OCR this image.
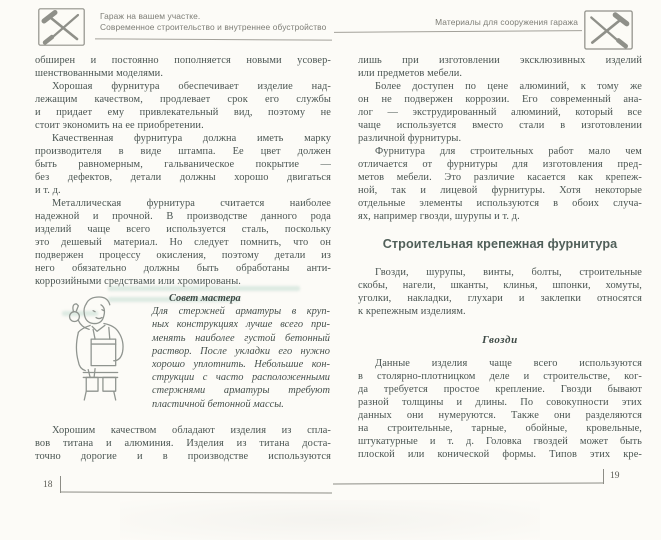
Гараж на вашем участке.
Современное строительство и внутреннее обустройство	Материалы для сооружения гаража
обширен и постоянно пополняется новыми усовер-
шенствованными моделями.
Хорошая фурнитура обеспечивает изделие над-
лежащим качеством, продлевает срок его службы
и придает ему привлекательный вид, поэтому не
стоит экономить на ее приобретении.
Качественная фурнитура должна иметь марку
производителя в виде штампа. Ее цвет должен
быть равномерным, гальваническое покрытие —
без дефектов, детали должны хорошо двигаться
и т. д.
Металлическая фурнитура считается наиболее
надежной и прочной. В производстве данного рода
изделий чаще всего используется сталь, поскольку
это дешевый материал. Но следует помнить, что он
подвержен процессу окисления, поэтому детали из
него обязательно должны быть обработаны анти-
коррозийными средствами или хромированы.
Совет мастера
Для стержней арматуры в круп-
ных конструкциях лучше всего при-
менять наиболее густой бетонный
раствор. После укладки его нужно
хорошо уплотнить. Небольшие кон-
струкции с часто расположенными
стержнями арматуры требуют
пластичной бетонной массы.
Хорошим качеством обладают изделия из спла-
вов титана и алюминия. Изделия из титана доста-
точно дорогие и в производстве используются
18
лишь при изготовлении эксклюзивных изделий
или предметов мебели.
Более доступен по цене алюминий, к тому же
он не подвержен коррозии. Его современный ана-
лог — экструдированный алюминий, который все
чаще используется вместо стали в изготовлении
различной фурнитуры.
Фурнитура для строительных работ мало чем
отличается от фурнитуры для изготовления пред-
метов мебели. Это различие касается как крепеж-
ной, так и лицевой фурнитуры. Хотя некоторые
отдельные элементы используются в обоих случа-
ях, например гвозди, шурупы и т. д.
Строительная крепежная фурнитура
Гвозди, шурупы, винты, болты, строительные
скобы, нагели, шканты, клинья, шпонки, хомуты,
уголки, накладки, глухари и заклепки относятся
к крепежным изделиям.
Гвозди
Данные изделия чаще всего используются
в столярно-плотницком деле и строительстве, ког-
да требуется простое крепление. Гвозди бывают
разной толщины и длины. По совокупности этих
данных они нумеруются. Также они разделяются
на строительные, тарные, обойные, кровельные,
штукатурные и т. д. Головка гвоздей может быть
плоской или конической формы. Типов этих кре-
19
